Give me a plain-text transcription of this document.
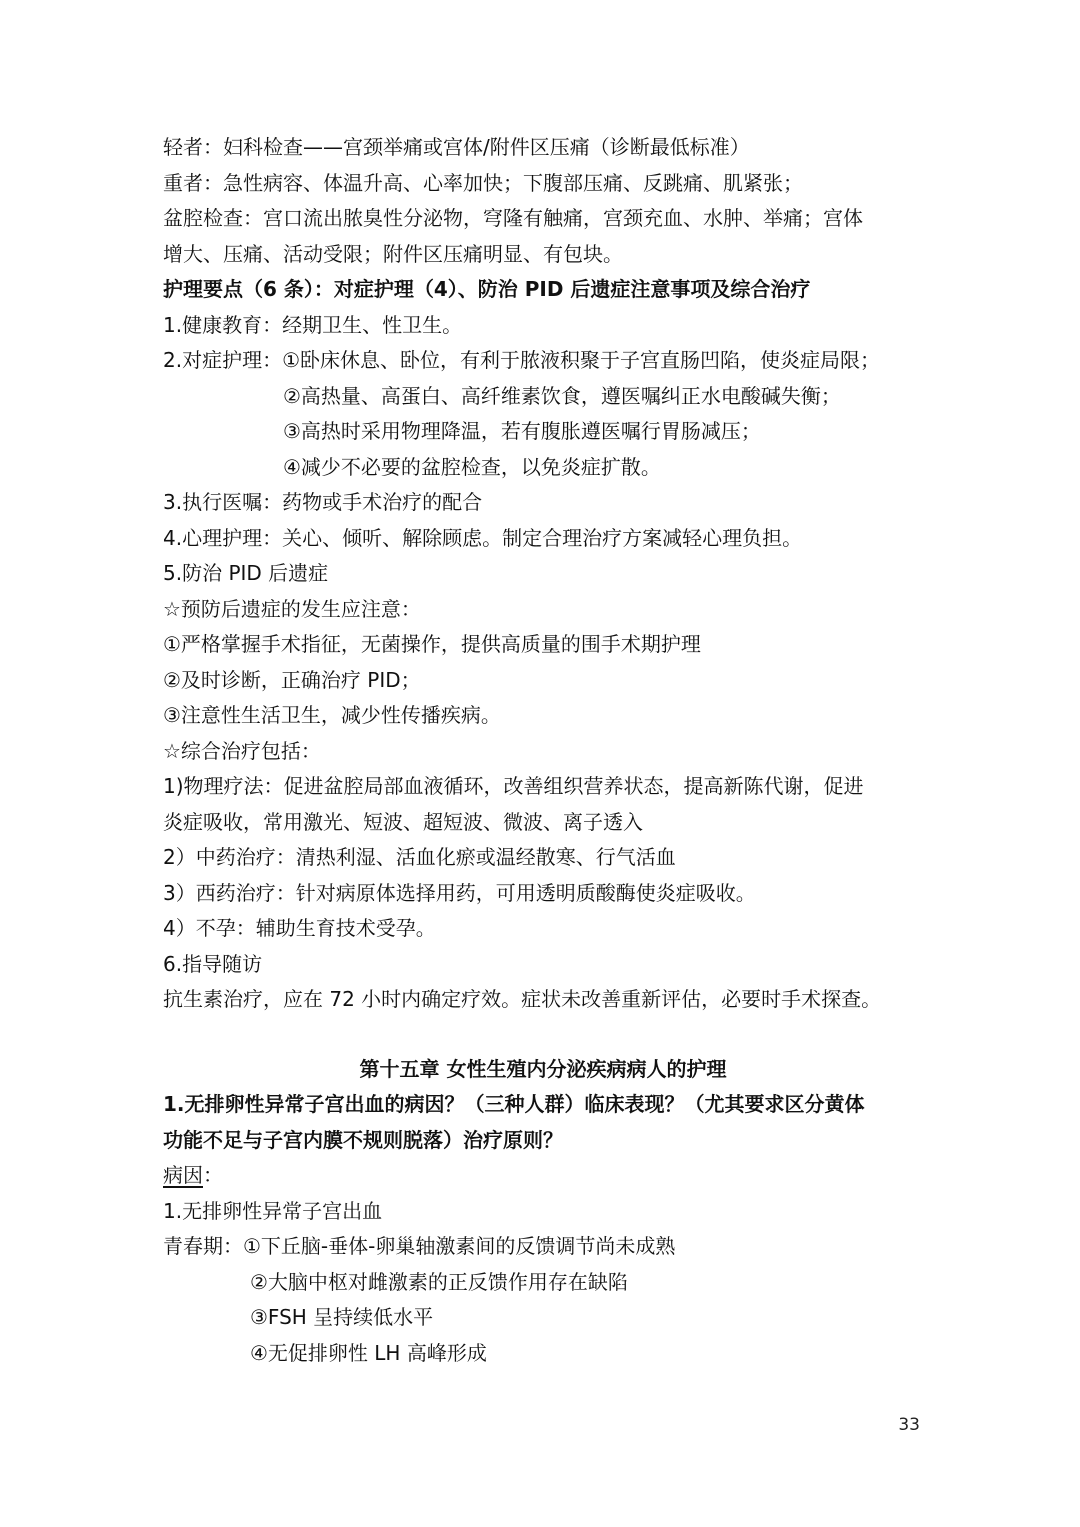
轻者：妇科检查——宫颈举痛或宫体/附件区压痛（诊断最低标准）
重者：急性病容、体温升高、心率加快；下腹部压痛、反跳痛、肌紧张；
盆腔检查：宫口流出脓臭性分泌物，穹隆有触痛，宫颈充血、水肿、举痛；宫体
增大、压痛、活动受限；附件区压痛明显、有包块。
护理要点（6 条）：对症护理（4）、防治 PID 后遗症注意事项及综合治疗
1.健康教育：经期卫生、性卫生。
2.对症护理：①卧床休息、卧位，有利于脓液积聚于子宫直肠凹陷，使炎症局限；
②高热量、高蛋白、高纤维素饮食，遵医嘱纠正水电酸碱失衡；
③高热时采用物理降温，若有腹胀遵医嘱行胃肠减压；
④减少不必要的盆腔检查，以免炎症扩散。
3.执行医嘱：药物或手术治疗的配合
4.心理护理：关心、倾听、解除顾虑。制定合理治疗方案减轻心理负担。
5.防治 PID 后遗症
☆预防后遗症的发生应注意：
①严格掌握手术指征，无菌操作，提供高质量的围手术期护理
②及时诊断，正确治疗 PID；
③注意性生活卫生，减少性传播疾病。
☆综合治疗包括：
1)物理疗法：促进盆腔局部血液循环，改善组织营养状态，提高新陈代谢，促进
炎症吸收，常用激光、短波、超短波、微波、离子透入
2）中药治疗：清热利湿、活血化瘀或温经散寒、行气活血
3）西药治疗：针对病原体选择用药，可用透明质酸酶使炎症吸收。
4）不孕：辅助生育技术受孕。
6.指导随访
抗生素治疗，应在 72 小时内确定疗效。症状未改善重新评估，必要时手术探查。
第十五章 女性生殖内分泌疾病病人的护理
1.无排卵性异常子宫出血的病因？（三种人群）临床表现？（尤其要求区分黄体
功能不足与子宫内膜不规则脱落）治疗原则？
病因：
1.无排卵性异常子宫出血
青春期：①下丘脑-垂体-卵巢轴激素间的反馈调节尚未成熟
②大脑中枢对雌激素的正反馈作用存在缺陷
③FSH 呈持续低水平
④无促排卵性 LH 高峰形成
33
